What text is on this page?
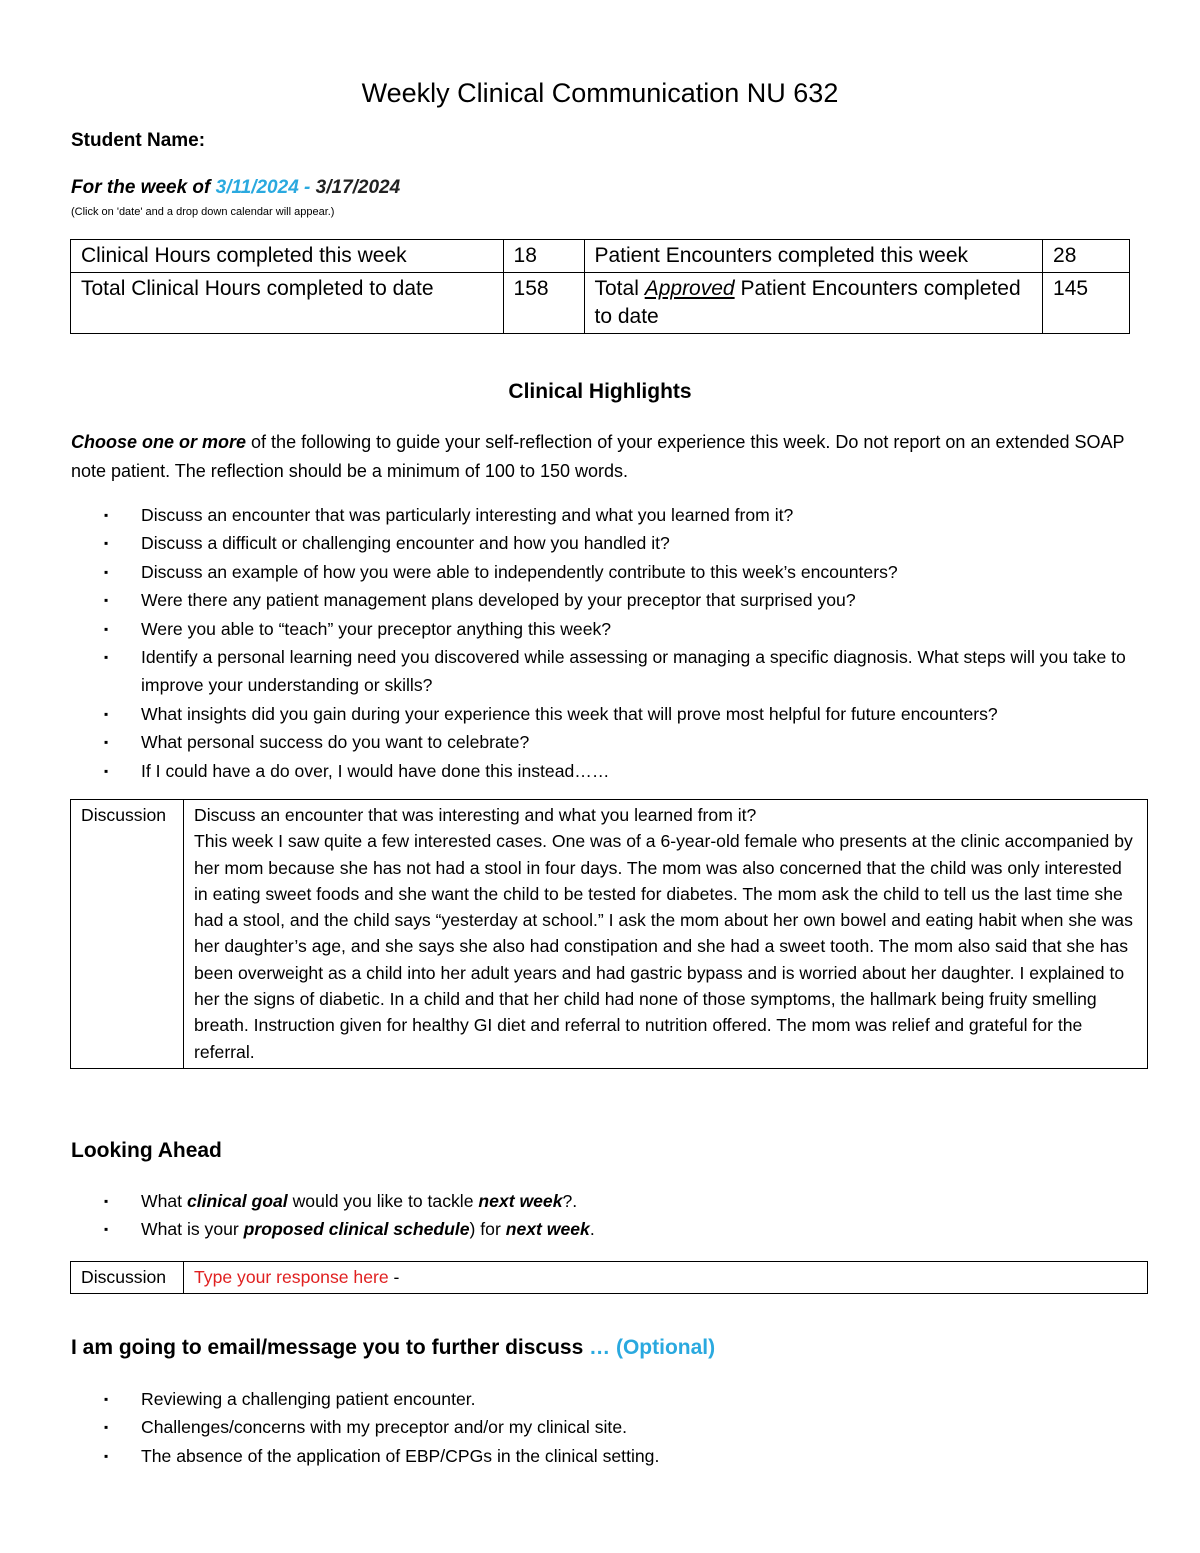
Weekly Clinical Communication NU 632
Student Name:
For the week of 3/11/2024 - 3/17/2024
(Click on 'date' and a drop down calendar will appear.)
Clinical Hours completed this week	18	Patient Encounters completed this week	28
Total Clinical Hours completed to date	158	Total Approved Patient Encounters completed to date	145
Clinical Highlights
Choose one or more of the following to guide your self-reflection of your experience this week. Do not report on an extended SOAP note patient. The reflection should be a minimum of 100 to 150 words.
▪ Discuss an encounter that was particularly interesting and what you learned from it?
▪ Discuss a difficult or challenging encounter and how you handled it?
▪ Discuss an example of how you were able to independently contribute to this week’s encounters?
▪ Were there any patient management plans developed by your preceptor that surprised you?
▪ Were you able to “teach” your preceptor anything this week?
▪ Identify a personal learning need you discovered while assessing or managing a specific diagnosis. What steps will you take to improve your understanding or skills?
▪ What insights did you gain during your experience this week that will prove most helpful for future encounters?
▪ What personal success do you want to celebrate?
▪ If I could have a do over, I would have done this instead……
Discussion	Discuss an encounter that was interesting and what you learned from it?
This week I saw quite a few interested cases. One was of a 6-year-old female who presents at the clinic accompanied by her mom because she has not had a stool in four days. The mom was also concerned that the child was only interested in eating sweet foods and she want the child to be tested for diabetes. The mom ask the child to tell us the last time she had a stool, and the child says “yesterday at school.” I ask the mom about her own bowel and eating habit when she was her daughter’s age, and she says she also had constipation and she had a sweet tooth. The mom also said that she has been overweight as a child into her adult years and had gastric bypass and is worried about her daughter. I explained to her the signs of diabetic. In a child and that her child had none of those symptoms, the hallmark being fruity smelling breath. Instruction given for healthy GI diet and referral to nutrition offered. The mom was relief and grateful for the referral.
Looking Ahead
▪ What clinical goal would you like to tackle next week?.
▪ What is your proposed clinical schedule) for next week.
Discussion	Type your response here -
I am going to email/message you to further discuss … (Optional)
▪ Reviewing a challenging patient encounter.
▪ Challenges/concerns with my preceptor and/or my clinical site.
▪ The absence of the application of EBP/CPGs in the clinical setting.
